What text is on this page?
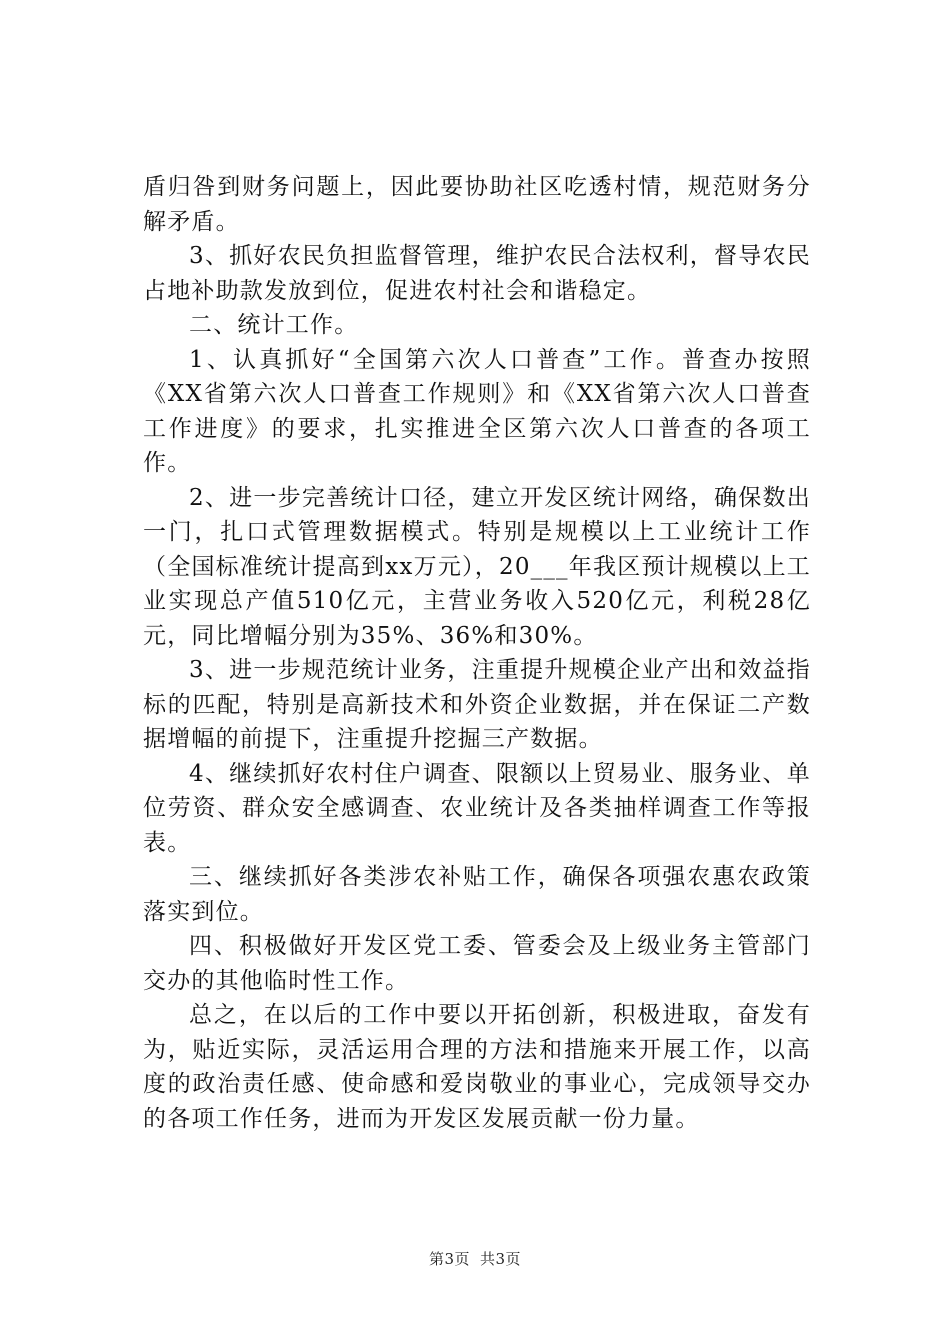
盾归咎到财务问题上，因此要协助社区吃透村情，规范财务分解矛盾。

3、抓好农民负担监督管理，维护农民合法权利，督导农民占地补助款发放到位，促进农村社会和谐稳定。

二、统计工作。

1、认真抓好“全国第六次人口普查”工作。普查办按照《XX省第六次人口普查工作规则》和《XX省第六次人口普查工作进度》的要求，扎实推进全区第六次人口普查的各项工作。

2、进一步完善统计口径，建立开发区统计网络，确保数出一门，扎口式管理数据模式。特别是规模以上工业统计工作（全国标准统计提高到xx万元），20___年我区预计规模以上工业实现总产值510亿元，主营业务收入520亿元，利税28亿元，同比增幅分别为35%、36%和30%。

3、进一步规范统计业务，注重提升规模企业产出和效益指标的匹配，特别是高新技术和外资企业数据，并在保证二产数据增幅的前提下，注重提升挖掘三产数据。

4、继续抓好农村住户调查、限额以上贸易业、服务业、单位劳资、群众安全感调查、农业统计及各类抽样调查工作等报表。

三、继续抓好各类涉农补贴工作，确保各项强农惠农政策落实到位。

四、积极做好开发区党工委、管委会及上级业务主管部门交办的其他临时性工作。

总之，在以后的工作中要以开拓创新，积极进取，奋发有为，贴近实际，灵活运用合理的方法和措施来开展工作，以高度的政治责任感、使命感和爱岗敬业的事业心，完成领导交办的各项工作任务，进而为开发区发展贡献一份力量。

第3页 共3页
